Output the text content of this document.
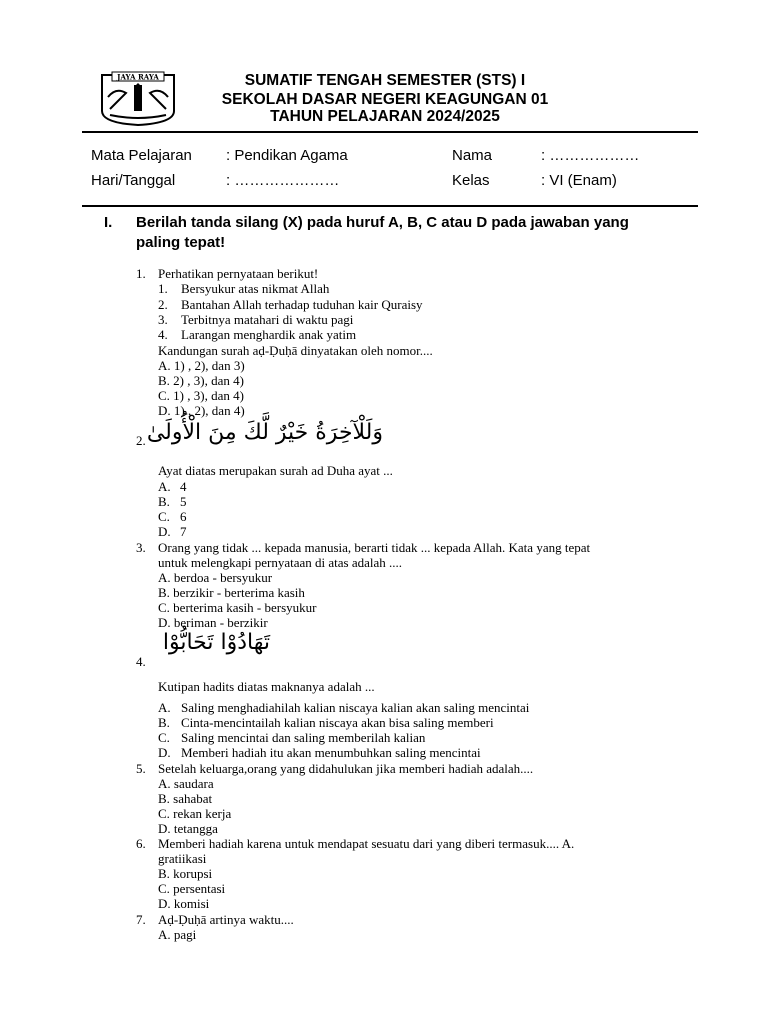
JAYA RAYA	SUMATIF TENGAH SEMESTER (STS) I
SEKOLAH DASAR NEGERI KEAGUNGAN 01
TAHUN PELAJARAN 2024/2025
Mata Pelajaran : Pendikan Agama	Nama	: ………………
Hari/Tanggal	: …………………	Kelas	: VI (Enam)
I. Berilah tanda silang (X) pada huruf A, B, C atau D pada jawaban yang paling tepat!
1. Perhatikan pernyataan berikut!
1. Bersyukur atas nikmat Allah
2. Bantahan Allah terhadap tuduhan kair Quraisy
3. Terbitnya matahari di waktu pagi
4. Larangan menghardik anak yatim
Kandungan surah aḍ-Ḍuḥā dinyatakan oleh nomor....
A. 1) , 2), dan 3)
B. 2) , 3), dan 4)
C. 1) , 3), dan 4)
D. 1) , 2), dan 4)
2. وَلَلْآخِرَةُ خَيْرٌ لَّكَ مِنَ الْأُولَىٰ
Ayat diatas merupakan surah ad Duha ayat ...
A. 4
B. 5
C. 6
D. 7
3. Orang yang tidak ... kepada manusia, berarti tidak ... kepada Allah. Kata yang tepat
untuk melengkapi pernyataan di atas adalah ....
A. berdoa - bersyukur
B. berzikir - berterima kasih
C. berterima kasih - bersyukur
D. beriman - berzikir
تَهَادُوْا تَحَابُّوْا
4.
Kutipan hadits diatas maknanya adalah ...
A. Saling menghadiahilah kalian niscaya kalian akan saling mencintai
B. Cinta-mencintailah kalian niscaya akan bisa saling memberi
C. Saling mencintai dan saling memberilah kalian
D. Memberi hadiah itu akan menumbuhkan saling mencintai
5. Setelah keluarga,orang yang didahulukan jika memberi hadiah adalah....
A. saudara
B. sahabat
C. rekan kerja
D. tetangga
6. Memberi hadiah karena untuk mendapat sesuatu dari yang diberi termasuk.... A.
gratiikasi
B. korupsi
C. persentasi
D. komisi
7. Aḍ-Ḍuḥā artinya waktu....
A. pagi
